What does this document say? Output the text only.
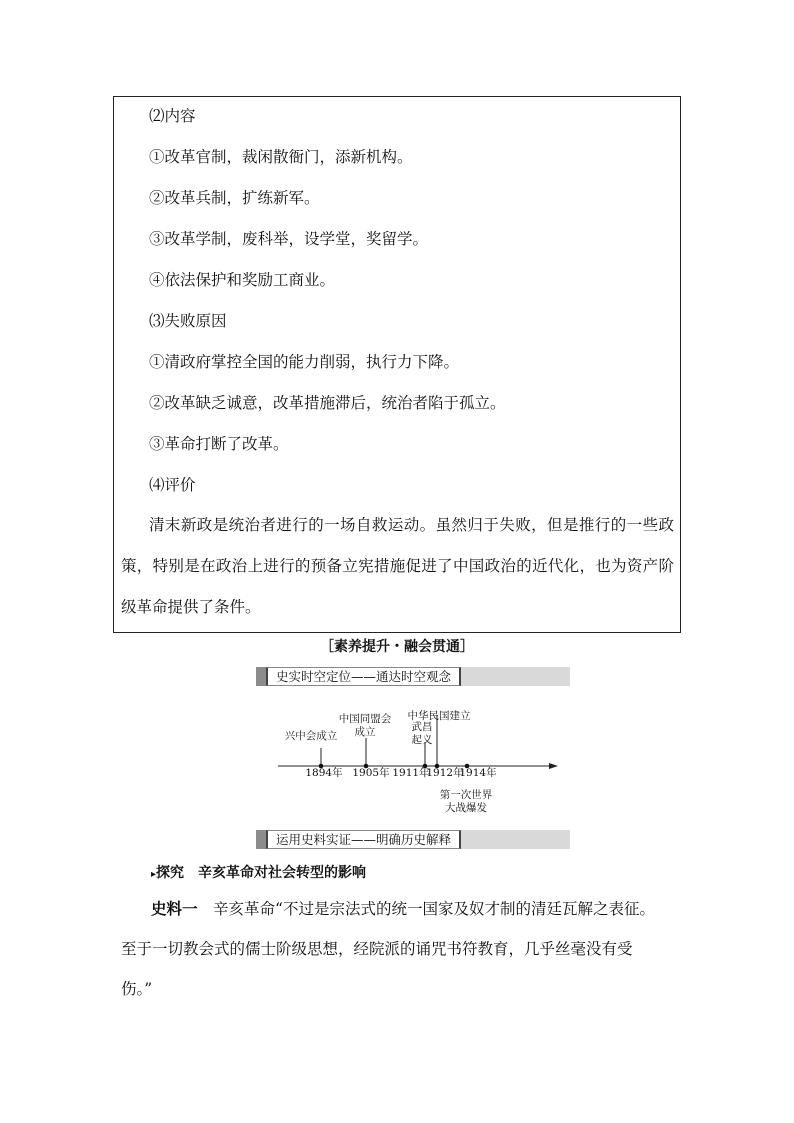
⑵内容
①改革官制，裁闲散衙门，添新机构。
②改革兵制，扩练新军。
③改革学制，废科举，设学堂，奖留学。
④依法保护和奖励工商业。
⑶失败原因
①清政府掌控全国的能力削弱，执行力下降。
②改革缺乏诚意，改革措施滞后，统治者陷于孤立。
③革命打断了改革。
⑷评价
清末新政是统治者进行的一场自救运动。虽然归于失败，但是推行的一些政策，特别是在政治上进行的预备立宪措施促进了中国政治的近代化，也为资产阶级革命提供了条件。
［素养提升・融会贯通］
史实时空定位——通达时空观念
兴中会成立
1894年
中国同盟会
成立
1905年
武昌
起义
1911年
中华民国建立
1912年
第一次世界
大战爆发
1914年
运用史料实证——明确历史解释
▸探究　辛亥革命对社会转型的影响
史料一　辛亥革命“不过是宗法式的统一国家及奴才制的清廷瓦解之表征。
至于一切教会式的儒士阶级思想，经院派的诵咒书符教育，几乎丝毫没有受
伤。”
